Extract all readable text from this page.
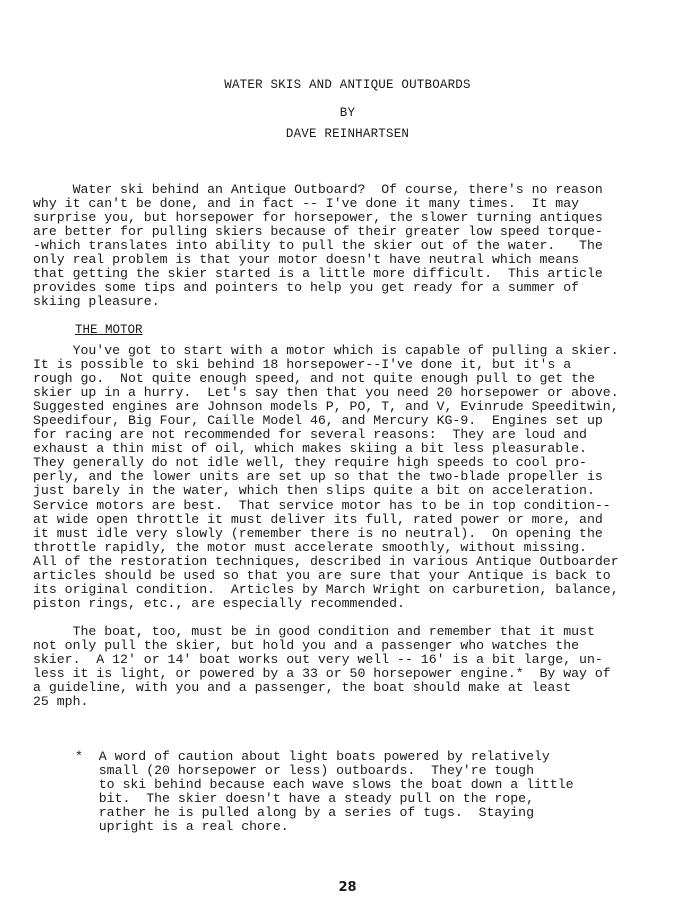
WATER SKIS AND ANTIQUE OUTBOARDS
BY
DAVE REINHARTSEN
Water ski behind an Antique Outboard?  Of course, there's no reason
why it can't be done, and in fact -- I've done it many times.  It may
surprise you, but horsepower for horsepower, the slower turning antiques
are better for pulling skiers because of their greater low speed torque-
-which translates into ability to pull the skier out of the water.   The
only real problem is that your motor doesn't have neutral which means
that getting the skier started is a little more difficult.  This article
provides some tips and pointers to help you get ready for a summer of
skiing pleasure.
THE MOTOR
You've got to start with a motor which is capable of pulling a skier.
It is possible to ski behind 18 horsepower--I've done it, but it's a
rough go.  Not quite enough speed, and not quite enough pull to get the
skier up in a hurry.  Let's say then that you need 20 horsepower or above.
Suggested engines are Johnson models P, PO, T, and V, Evinrude Speeditwin,
Speedifour, Big Four, Caille Model 46, and Mercury KG-9.  Engines set up
for racing are not recommended for several reasons:  They are loud and
exhaust a thin mist of oil, which makes skiing a bit less pleasurable.
They generally do not idle well, they require high speeds to cool pro-
perly, and the lower units are set up so that the two-blade propeller is
just barely in the water, which then slips quite a bit on acceleration.
Service motors are best.  That service motor has to be in top condition--
at wide open throttle it must deliver its full, rated power or more, and
it must idle very slowly (remember there is no neutral).  On opening the
throttle rapidly, the motor must accelerate smoothly, without missing.
All of the restoration techniques, described in various Antique Outboarder
articles should be used so that you are sure that your Antique is back to
its original condition.  Articles by March Wright on carburetion, balance,
piston rings, etc., are especially recommended.
The boat, too, must be in good condition and remember that it must
not only pull the skier, but hold you and a passenger who watches the
skier.  A 12' or 14' boat works out very well -- 16' is a bit large, un-
less it is light, or powered by a 33 or 50 horsepower engine.*  By way of
a guideline, with you and a passenger, the boat should make at least
25 mph.
*  A word of caution about light boats powered by relatively
small (20 horsepower or less) outboards.  They're tough
to ski behind because each wave slows the boat down a little
bit.  The skier doesn't have a steady pull on the rope,
rather he is pulled along by a series of tugs.  Staying
upright is a real chore.
28
